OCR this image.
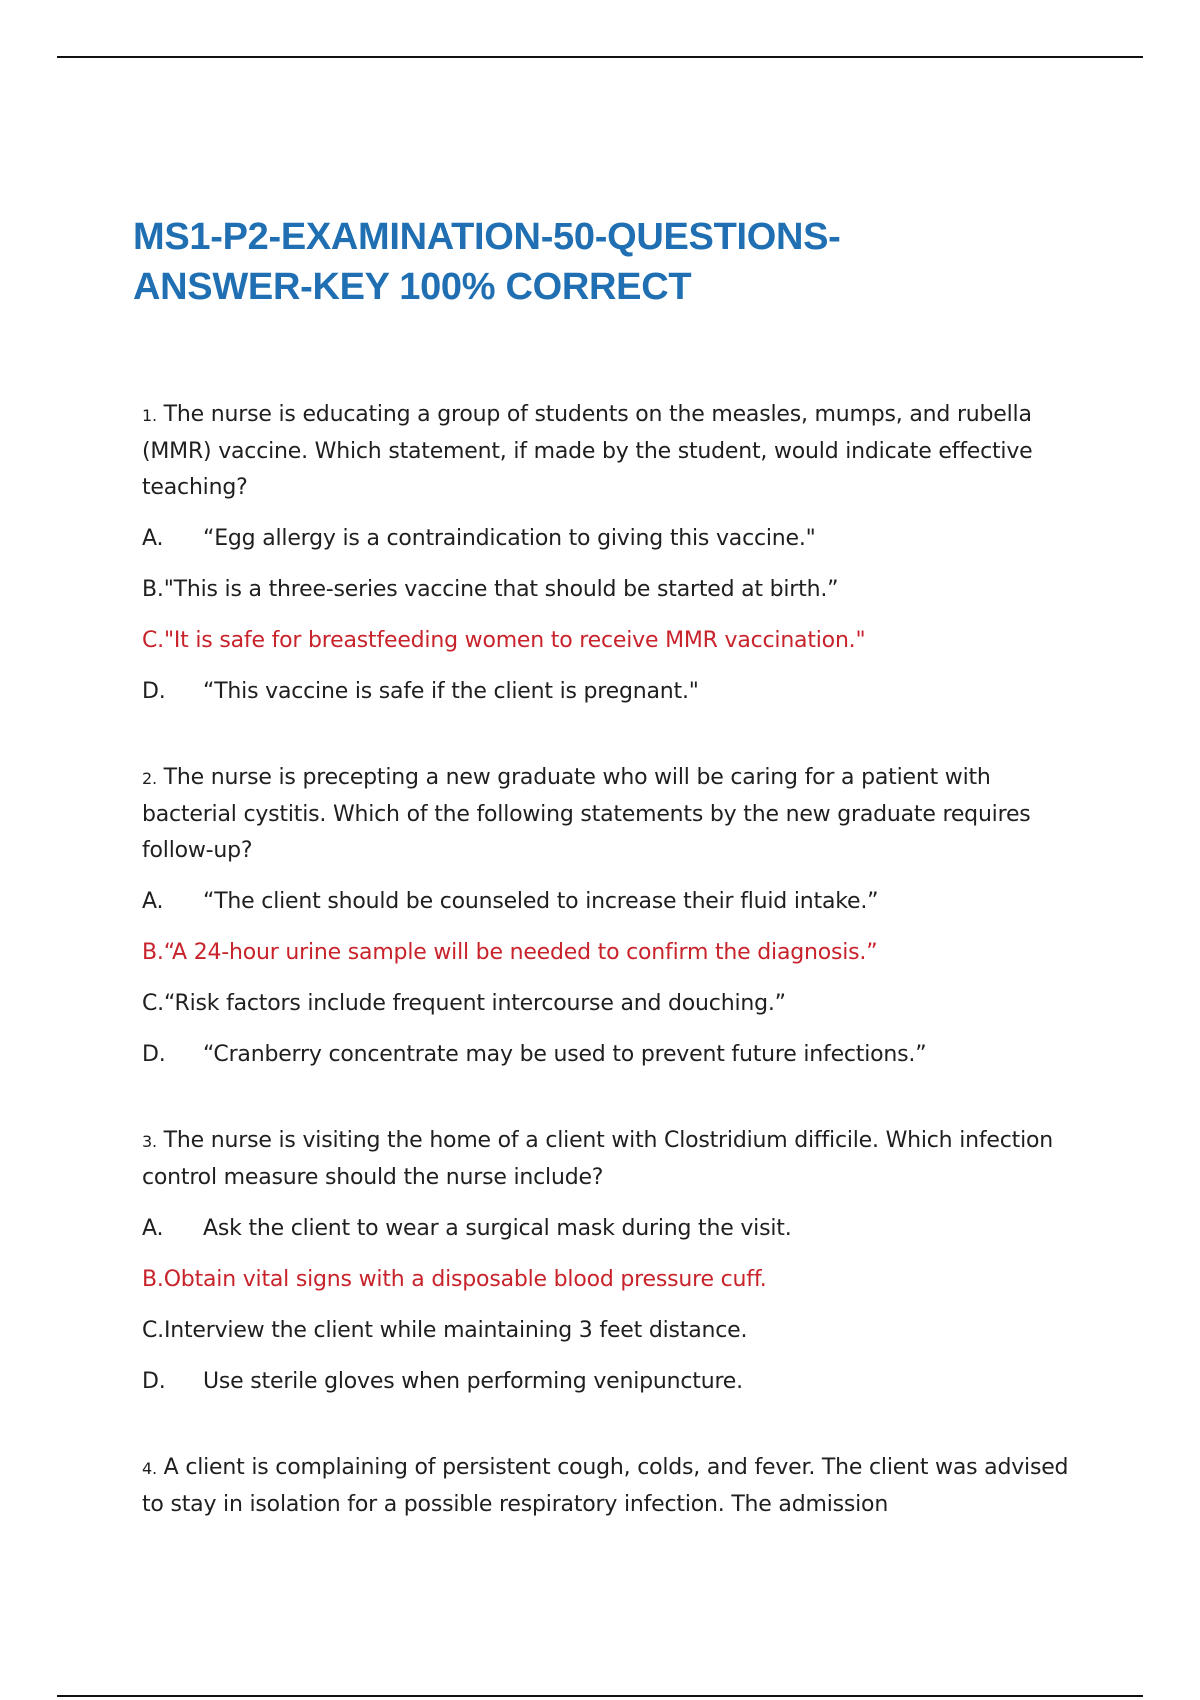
MS1-P2-EXAMINATION-50-QUESTIONS-
ANSWER-KEY 100% CORRECT

1. The nurse is educating a group of students on the measles, mumps, and rubella (MMR) vaccine. Which statement, if made by the student, would indicate effective teaching?

A. “Egg allergy is a contraindication to giving this vaccine."
B."This is a three-series vaccine that should be started at birth.”
C."It is safe for breastfeeding women to receive MMR vaccination."
D. “This vaccine is safe if the client is pregnant."

2. The nurse is precepting a new graduate who will be caring for a patient with bacterial cystitis. Which of the following statements by the new graduate requires follow-up?

A. “The client should be counseled to increase their fluid intake.”
B.“A 24-hour urine sample will be needed to confirm the diagnosis.”
C.“Risk factors include frequent intercourse and douching.”
D. “Cranberry concentrate may be used to prevent future infections.”

3. The nurse is visiting the home of a client with Clostridium difficile. Which infection control measure should the nurse include?

A. Ask the client to wear a surgical mask during the visit.
B.Obtain vital signs with a disposable blood pressure cuff.
C.Interview the client while maintaining 3 feet distance.
D. Use sterile gloves when performing venipuncture.

4. A client is complaining of persistent cough, colds, and fever. The client was advised to stay in isolation for a possible respiratory infection. The admission
